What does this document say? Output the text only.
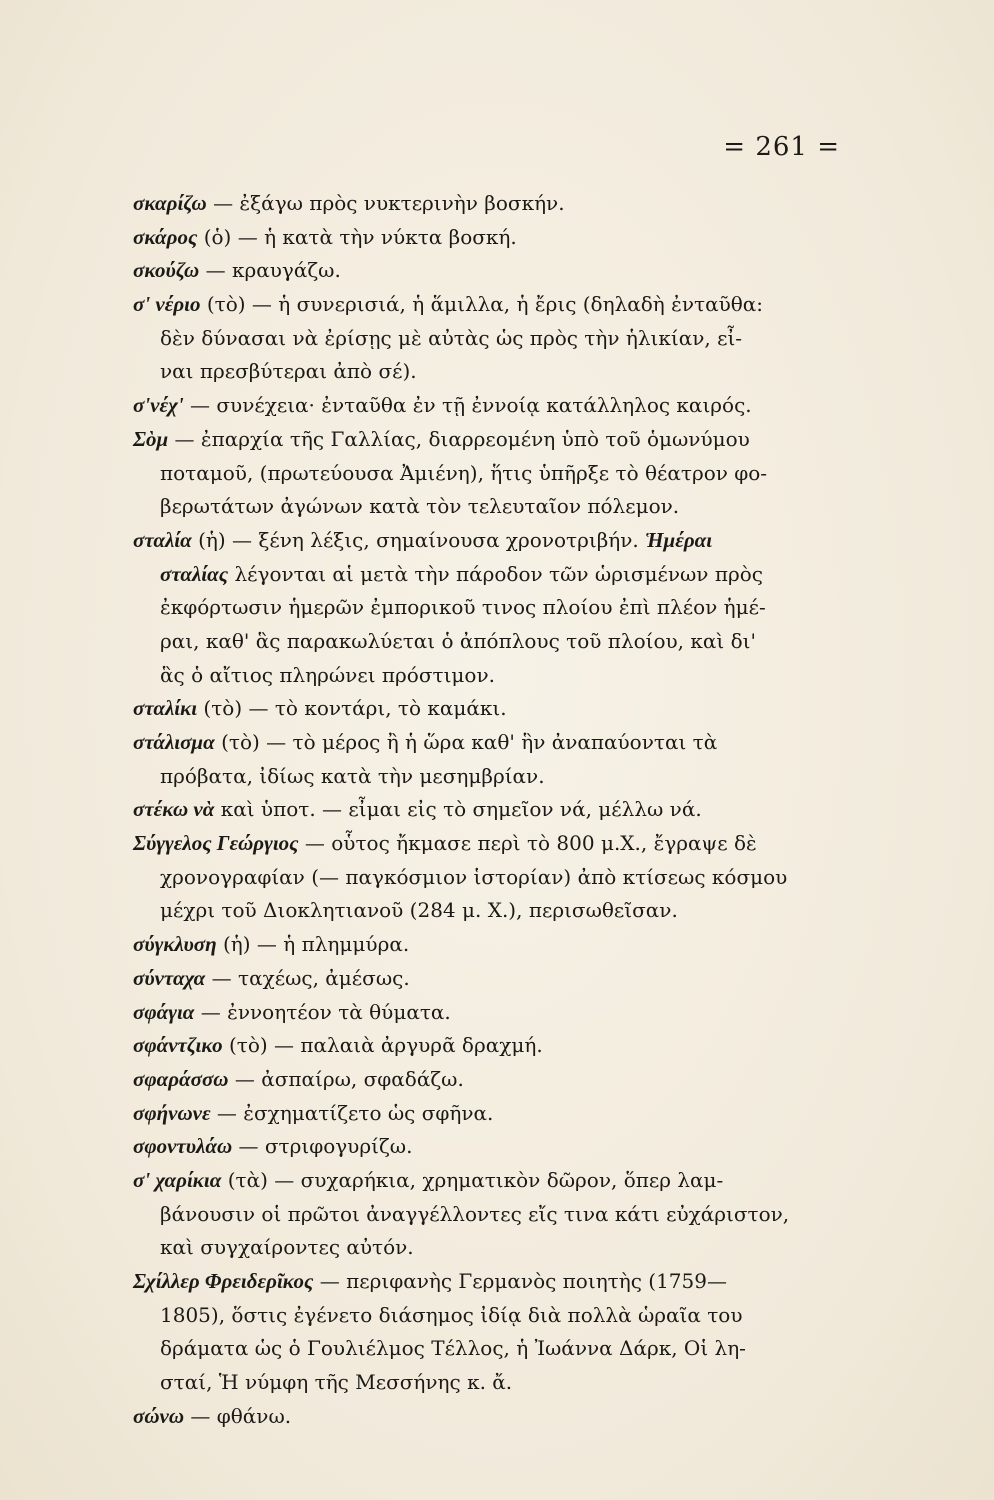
= 261 =
σκαρίζω — ἐξάγω πρὸς νυκτερινὴν βοσκήν.
σκάρος (ὁ) — ἡ κατὰ τὴν νύκτα βοσκή.
σκούζω — κραυγάζω.
σ' νέριο (τὸ) — ἡ συνερισιά, ἡ ἅμιλλα, ἡ ἔρις (δηλαδὴ ἐνταῦθα:
δὲν δύνασαι νὰ ἐρίσῃς μὲ αὐτὰς ὡς πρὸς τὴν ἡλικίαν, εἶ-
ναι πρεσβύτεραι ἀπὸ σέ).
σ'νέχ' — συνέχεια· ἐνταῦθα ἐν τῇ ἐννοίᾳ κατάλληλος καιρός.
Σὸμ — ἐπαρχία τῆς Γαλλίας, διαρρεομένη ὑπὸ τοῦ ὁμωνύμου
ποταμοῦ, (πρωτεύουσα Ἀμιένη), ἥτις ὑπῆρξε τὸ θέατρον φο-
βερωτάτων ἀγώνων κατὰ τὸν τελευταῖον πόλεμον.
σταλία (ἡ) — ξένη λέξις, σημαίνουσα χρονοτριβήν. Ἡμέραι
σταλίας λέγονται αἱ μετὰ τὴν πάροδον τῶν ὡρισμένων πρὸς
ἐκφόρτωσιν ἡμερῶν ἐμπορικοῦ τινος πλοίου ἐπὶ πλέον ἡμέ-
ραι, καθ' ἃς παρακωλύεται ὁ ἀπόπλους τοῦ πλοίου, καὶ δι'
ἃς ὁ αἴτιος πληρώνει πρόστιμον.
σταλίκι (τὸ) — τὸ κοντάρι, τὸ καμάκι.
στάλισμα (τὸ) — τὸ μέρος ἢ ἡ ὥρα καθ' ἣν ἀναπαύονται τὰ
πρόβατα, ἰδίως κατὰ τὴν μεσημβρίαν.
στέκω νὰ καὶ ὑποτ. — εἶμαι εἰς τὸ σημεῖον νά, μέλλω νά.
Σύγγελος Γεώργιος — οὗτος ἤκμασε περὶ τὸ 800 μ.Χ., ἔγραψε δὲ
χρονογραφίαν (— παγκόσμιον ἱστορίαν) ἀπὸ κτίσεως κόσμου
μέχρι τοῦ Διοκλητιανοῦ (284 μ. Χ.), περισωθεῖσαν.
σύγκλυση (ἡ) — ἡ πλημμύρα.
σύνταχα — ταχέως, ἀμέσως.
σφάγια — ἐννοητέον τὰ θύματα.
σφάντζικο (τὸ) — παλαιὰ ἀργυρᾶ δραχμή.
σφαράσσω — ἀσπαίρω, σφαδάζω.
σφήνωνε — ἐσχηματίζετο ὡς σφῆνα.
σφοντυλάω — στριφογυρίζω.
σ' χαρίκια (τὰ) — συχαρήκια, χρηματικὸν δῶρον, ὅπερ λαμ-
βάνουσιν οἱ πρῶτοι ἀναγγέλλοντες εἴς τινα κάτι εὐχάριστον,
καὶ συγχαίροντες αὐτόν.
Σχίλλερ Φρειδερῖκος — περιφανὴς Γερμανὸς ποιητὴς (1759—
1805), ὅστις ἐγένετο διάσημος ἰδίᾳ διὰ πολλὰ ὡραῖα του
δράματα ὡς ὁ Γουλιέλμος Τέλλος, ἡ Ἰωάννα Δάρκ, Οἱ λη-
σταί, Ἡ νύμφη τῆς Μεσσήνης κ. ἄ.
σώνω — φθάνω.
